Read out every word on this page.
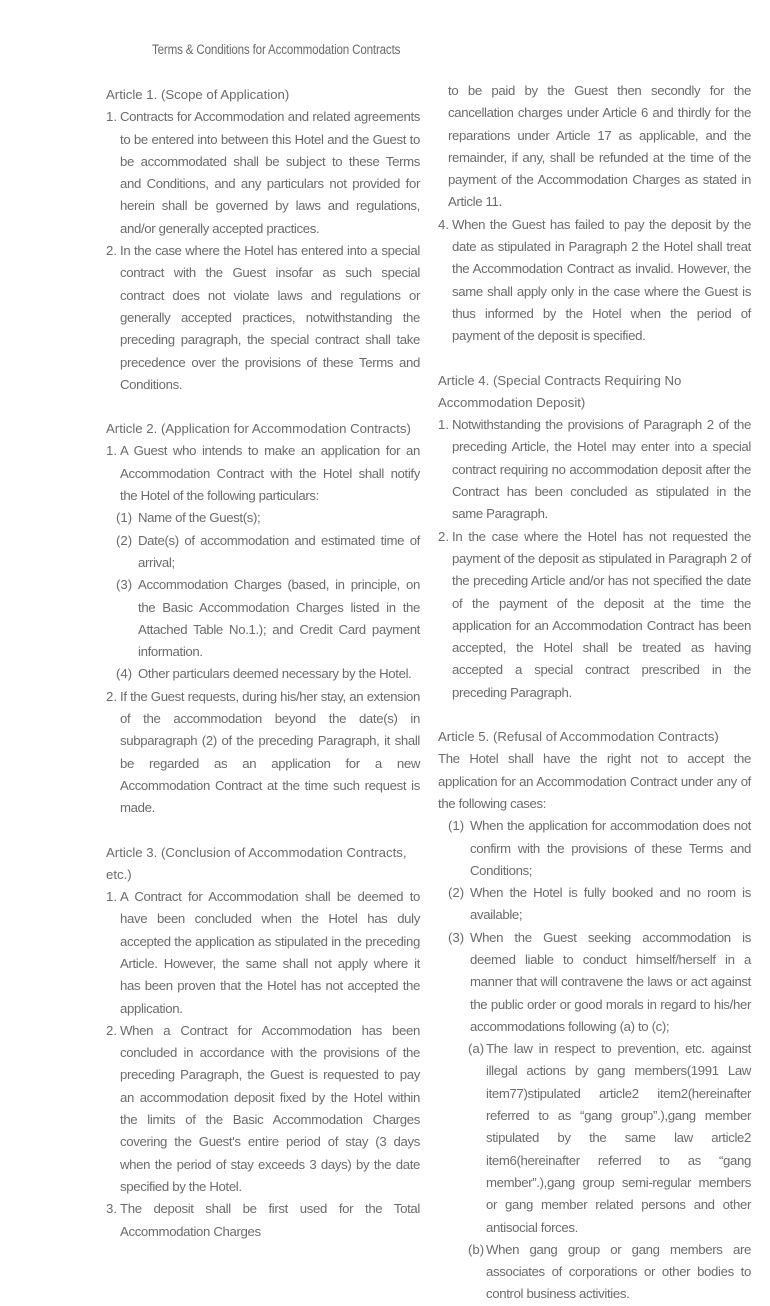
Terms & Conditions for Accommodation Contracts
Article 1. (Scope of Application)
1. Contracts for Accommodation and related agreements to be entered into between this Hotel and the Guest to be accommodated shall be subject to these Terms and Conditions, and any particulars not provided for herein shall be governed by laws and regulations, and/or generally accepted practices.
2. In the case where the Hotel has entered into a special contract with the Guest insofar as such special contract does not violate laws and regulations or generally accepted practices, notwithstanding the preceding paragraph, the special contract shall take precedence over the provisions of these Terms and Conditions.
Article 2. (Application for Accommodation Contracts)
1. A Guest who intends to make an application for an Accommodation Contract with the Hotel shall notify the Hotel of the following particulars:
(1) Name of the Guest(s);
(2) Date(s) of accommodation and estimated time of arrival;
(3) Accommodation Charges (based, in principle, on the Basic Accommodation Charges listed in the Attached Table No.1.); and Credit Card payment information.
(4) Other particulars deemed necessary by the Hotel.
2. If the Guest requests, during his/her stay, an extension of the accommodation beyond the date(s) in subparagraph (2) of the preceding Paragraph, it shall be regarded as an application for a new Accommodation Contract at the time such request is made.
Article 3. (Conclusion of Accommodation Contracts, etc.)
1. A Contract for Accommodation shall be deemed to have been concluded when the Hotel has duly accepted the application as stipulated in the preceding Article. However, the same shall not apply where it has been proven that the Hotel has not accepted the application.
2. When a Contract for Accommodation has been concluded in accordance with the provisions of the preceding Paragraph, the Guest is requested to pay an accommodation deposit fixed by the Hotel within the limits of the Basic Accommodation Charges covering the Guest's entire period of stay (3 days when the period of stay exceeds 3 days) by the date specified by the Hotel.
3. The deposit shall be first used for the Total Accommodation Charges
to be paid by the Guest then secondly for the cancellation charges under Article 6 and thirdly for the reparations under Article 17 as applicable, and the remainder, if any, shall be refunded at the time of the payment of the Accommodation Charges as stated in Article 11.
4. When the Guest has failed to pay the deposit by the date as stipulated in Paragraph 2 the Hotel shall treat the Accommodation Contract as invalid. However, the same shall apply only in the case where the Guest is thus informed by the Hotel when the period of payment of the deposit is specified.
Article 4. (Special Contracts Requiring No Accommodation Deposit)
1. Notwithstanding the provisions of Paragraph 2 of the preceding Article, the Hotel may enter into a special contract requiring no accommodation deposit after the Contract has been concluded as stipulated in the same Paragraph.
2. In the case where the Hotel has not requested the payment of the deposit as stipulated in Paragraph 2 of the preceding Article and/or has not specified the date of the payment of the deposit at the time the application for an Accommodation Contract has been accepted, the Hotel shall be treated as having accepted a special contract prescribed in the preceding Paragraph.
Article 5. (Refusal of Accommodation Contracts)
The Hotel shall have the right not to accept the application for an Accommodation Contract under any of the following cases:
(1) When the application for accommodation does not confirm with the provisions of these Terms and Conditions;
(2) When the Hotel is fully booked and no room is available;
(3) When the Guest seeking accommodation is deemed liable to conduct himself/herself in a manner that will contravene the laws or act against the public order or good morals in regard to his/her accommodations following (a) to (c);
(a) The law in respect to prevention, etc. against illegal actions by gang members(1991 Law item77)stipulated article2 item2(hereinafter referred to as “gang group”.),gang member stipulated by the same law article2 item6(hereinafter referred to as “gang member”.),gang group semi-regular members or gang member related persons and other antisocial forces.
(b) When gang group or gang members are associates of corporations or other bodies to control business activities.
